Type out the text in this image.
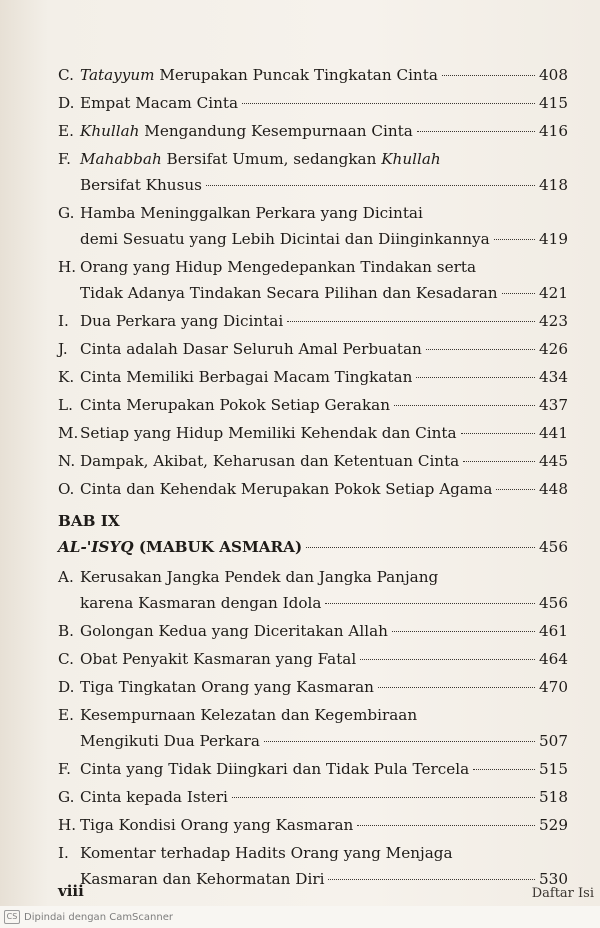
C. Tatayyum Merupakan Puncak Tingkatan Cinta	408
D. Empat Macam Cinta	415
E. Khullah Mengandung Kesempurnaan Cinta	416
F. Mahabbah Bersifat Umum, sedangkan Khullah
Bersifat Khusus	418
G. Hamba Meninggalkan Perkara yang Dicintai
demi Sesuatu yang Lebih Dicintai dan Diinginkannya	419
H. Orang yang Hidup Mengedepankan Tindakan serta
Tidak Adanya Tindakan Secara Pilihan dan Kesadaran	421
I. Dua Perkara yang Dicintai	423
J. Cinta adalah Dasar Seluruh Amal Perbuatan	426
K. Cinta Memiliki Berbagai Macam Tingkatan	434
L. Cinta Merupakan Pokok Setiap Gerakan	437
M. Setiap yang Hidup Memiliki Kehendak dan Cinta	441
N. Dampak, Akibat, Keharusan dan Ketentuan Cinta	445
O. Cinta dan Kehendak Merupakan Pokok Setiap Agama	448
BAB IX
AL-'ISYQ (MABUK ASMARA)	456
A. Kerusakan Jangka Pendek dan Jangka Panjang
karena Kasmaran dengan Idola	456
B. Golongan Kedua yang Diceritakan Allah	461
C. Obat Penyakit Kasmaran yang Fatal	464
D. Tiga Tingkatan Orang yang Kasmaran	470
E. Kesempurnaan Kelezatan dan Kegembiraan
Mengikuti Dua Perkara	507
F. Cinta yang Tidak Diingkari dan Tidak Pula Tercela	515
G. Cinta kepada Isteri	518
H. Tiga Kondisi Orang yang Kasmaran	529
I. Komentar terhadap Hadits Orang yang Menjaga
Kasmaran dan Kehormatan Diri	530
viii	Daftar Isi
CS Dipindai dengan CamScanner
